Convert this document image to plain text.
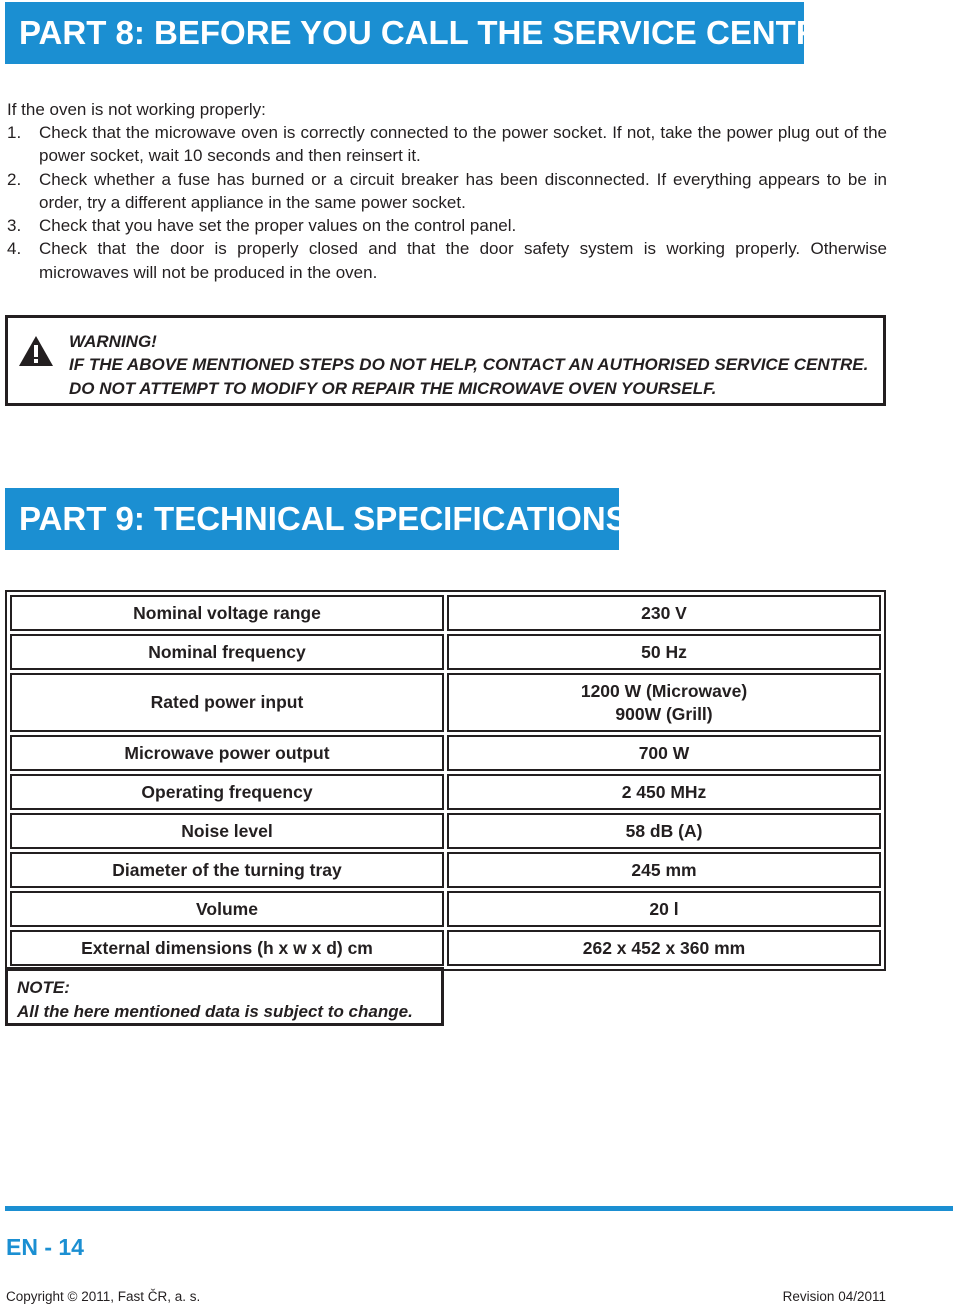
PART 8: BEFORE YOU CALL THE SERVICE CENTRE
If the oven is not working properly:
1. Check that the microwave oven is correctly connected to the power socket. If not, take the power plug out of the power socket, wait 10 seconds and then reinsert it.
2. Check whether a fuse has burned or a circuit breaker has been disconnected. If everything appears to be in order, try a different appliance in the same power socket.
3. Check that you have set the proper values on the control panel.
4. Check that the door is properly closed and that the door safety system is working properly. Otherwise microwaves will not be produced in the oven.
WARNING!
IF THE ABOVE MENTIONED STEPS DO NOT HELP, CONTACT AN AUTHORISED SERVICE CENTRE.
DO NOT ATTEMPT TO MODIFY OR REPAIR THE MICROWAVE OVEN YOURSELF.
PART 9: TECHNICAL SPECIFICATIONS
Nominal voltage range	230 V
Nominal frequency	50 Hz
Rated power input	1200 W (Microwave)
900W (Grill)

Microwave power output	700 W
Operating frequency	2 450 MHz
Noise level	58 dB (A)
Diameter of the turning tray	245 mm
Volume	20 l
External dimensions (h x w x d) cm	262 x 452 x 360 mm
NOTE:
All the here mentioned data is subject to change.
EN - 14
Copyright © 2011, Fast ČR, a. s.	Revision 04/2011
